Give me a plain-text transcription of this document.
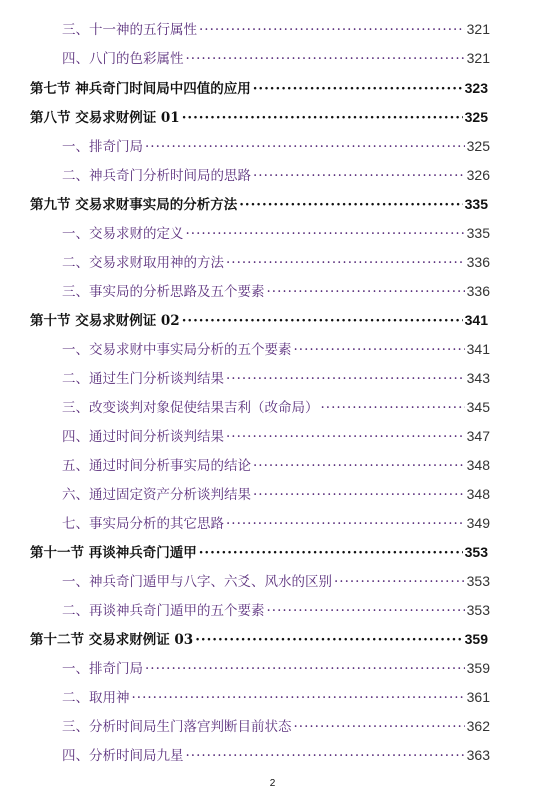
三、十一神的五行属性 ·····	321
四、八门的色彩属性 ·····	321
第七节 神兵奇门时间局中四值的应用 ·····	323
第八节 交易求财例证 01 ·····	325
一、排奇门局 ·····	325
二、神兵奇门分析时间局的思路 ·····	326
第九节 交易求财事实局的分析方法 ·····	335
一、交易求财的定义 ·····	335
二、交易求财取用神的方法 ·····	336
三、事实局的分析思路及五个要素 ·····	336
第十节 交易求财例证 02 ·····	341
一、交易求财中事实局分析的五个要素 ·····	341
二、通过生门分析谈判结果 ·····	343
三、改变谈判对象促使结果吉利（改命局） ·····	345
四、通过时间分析谈判结果 ·····	347
五、通过时间分析事实局的结论 ·····	348
六、通过固定资产分析谈判结果 ·····	348
七、事实局分析的其它思路 ·····	349
第十一节 再谈神兵奇门遁甲 ·····	353
一、神兵奇门遁甲与八字、六爻、风水的区别 ·····	353
二、再谈神兵奇门遁甲的五个要素 ·····	353
第十二节 交易求财例证 03 ·····	359
一、排奇门局 ·····	359
二、取用神 ·····	361
三、分析时间局生门落宫判断目前状态 ·····	362
四、分析时间局九星 ·····	363
2
